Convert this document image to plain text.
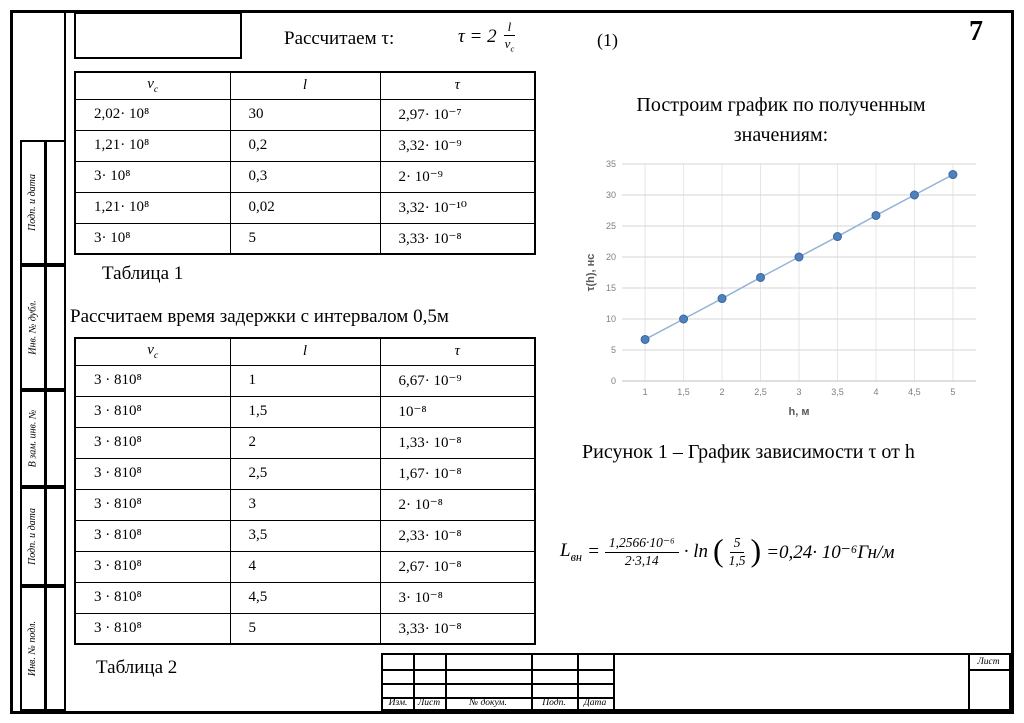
Подп. и дата
Инв. № дубл.
В зам. инв. №
Подп. и дата
Инв. № подл.
7
Рассчитаем τ:	$\tau = 2 \frac{l}{v_с}$	(1)
$v_с$	l	τ
2,02· 10⁸	30	2,97· 10⁻⁷
1,21· 10⁸	0,2	3,32· 10⁻⁹
3· 10⁸	0,3	2· 10⁻⁹
1,21· 10⁸	0,02	3,32· 10⁻¹⁰
3· 10⁸	5	3,33· 10⁻⁸
Таблица 1
Рассчитаем время задержки с интервалом 0,5м
$v_с$	l	τ
3 · 810⁸	1	6,67· 10⁻⁹
3 · 810⁸	1,5	10⁻⁸
3 · 810⁸	2	1,33· 10⁻⁸
3 · 810⁸	2,5	1,67· 10⁻⁸
3 · 810⁸	3	2· 10⁻⁸
3 · 810⁸	3,5	2,33· 10⁻⁸
3 · 810⁸	4	2,67· 10⁻⁸
3 · 810⁸	4,5	3· 10⁻⁸
3 · 810⁸	5	3,33· 10⁻⁸
Таблица 2
Построим график по полученным значениям:
0
5
10
15
20
25
30
35
1	1,5	2	2,5	3	3,5	4	4,5	5
τ(h), нс
h, м
Рисунок 1 – График зависимости τ от h
$L_{вн} = \frac{\text{1,2566·10⁻⁶}}{2\cdot 3,14} \cdot \ln$ ( $\frac{5}{1,5}$ ) =0,24· 10⁻⁶Гн/м
Изм.	Лист	№ докум.	Подп.	Дата
Лист
